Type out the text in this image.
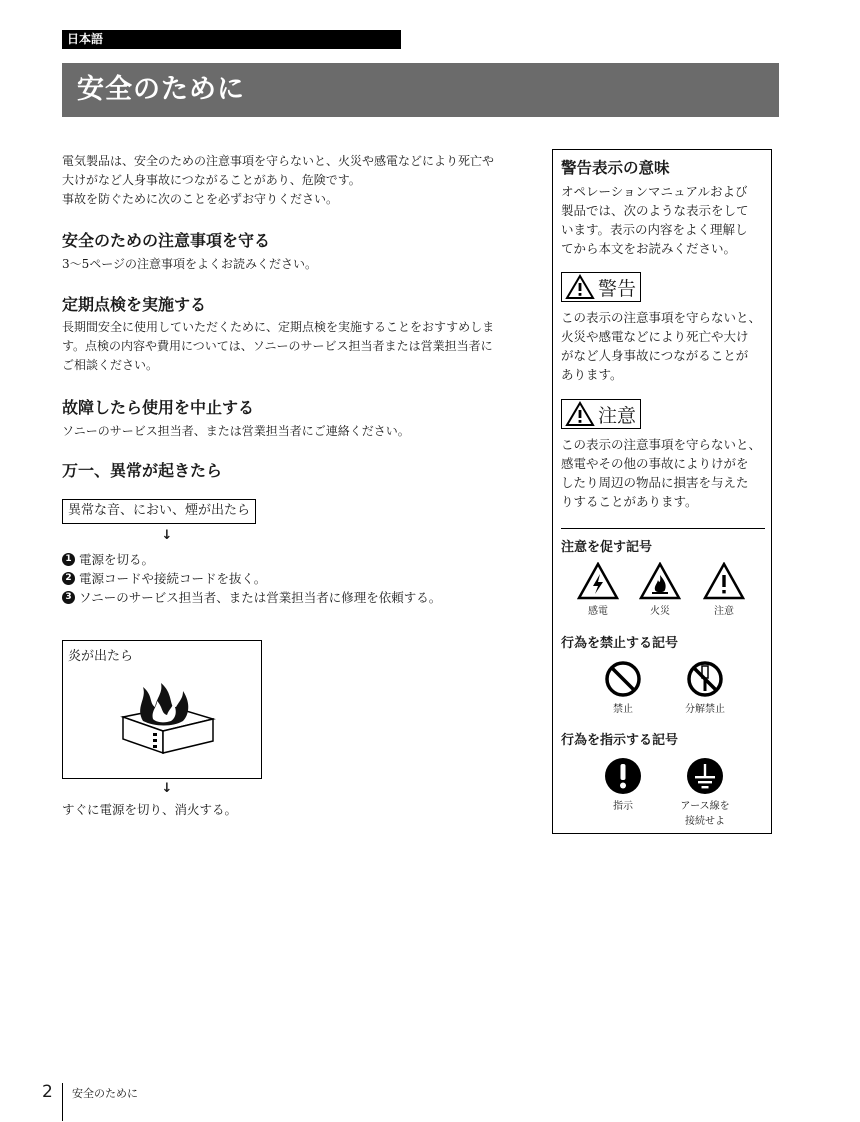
日本語
安全のために

電気製品は、安全のための注意事項を守らないと、火災や感電などにより死亡や
大けがなど人身事故につながることがあり、危険です。
事故を防ぐために次のことを必ずお守りください。

安全のための注意事項を守る

3～5ページの注意事項をよくお読みください。

定期点検を実施する

長期間安全に使用していただくために、定期点検を実施することをおすすめしま
す。点検の内容や費用については、ソニーのサービス担当者または営業担当者に
ご相談ください。

故障したら使用を中止する

ソニーのサービス担当者、または営業担当者にご連絡ください。

万一、異常が起きたら
異常な音、におい、煙が出たら
↓
1 電源を切る。
2 電源コードや接続コードを抜く。
3 ソニーのサービス担当者、または営業担当者に修理を依頼する。
炎が出たら
↓
すぐに電源を切り、消火する。
警告表示の意味

オペレーションマニュアルおよび
製品では、次のような表示をして
います。表示の内容をよく理解し
てから本文をお読みください。

警告

この表示の注意事項を守らないと、
火災や感電などにより死亡や大け
がなど人身事故につながることが
あります。

注意

この表示の注意事項を守らないと、
感電やその他の事故によりけがを
したり周辺の物品に損害を与えた
りすることがあります。

注意を促す記号
感電	火災	注意
行為を禁止する記号
禁止	分解禁止
行為を指示する記号
指示	アース線を
接続せよ
2 安全のために
